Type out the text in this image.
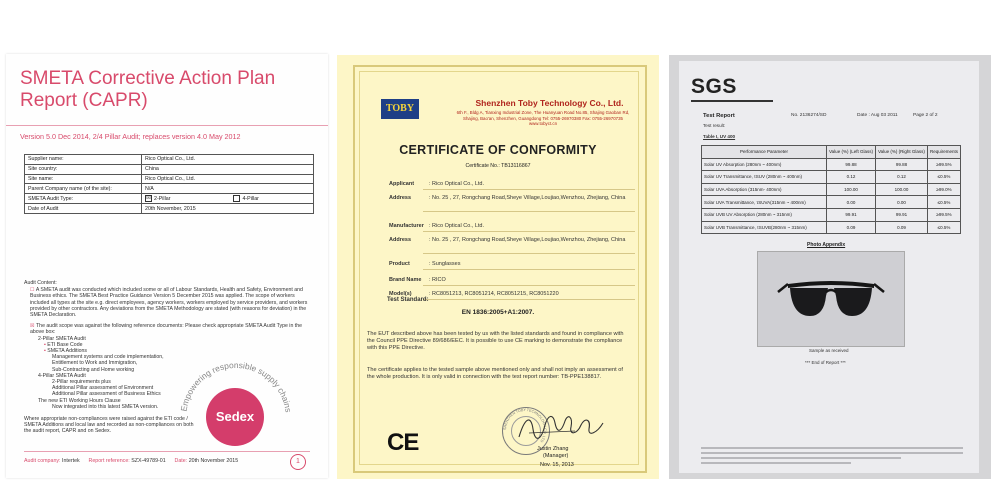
SMETA Corrective Action Plan Report (CAPR)
Version 5.0 Dec 2014, 2/4 Pillar Audit; replaces version 4.0 May 2012
Supplier name:	Rico Optical Co., Ltd.
Site country:	China
Site name:	Rico Optical Co., Ltd.
Parent Company name (of the site):	N/A
SMETA Audit Type:	☒ 2-Pillar 4-Pillar
Date of Audit	20th November, 2015

Audit Content:

☐ A SMETA audit was conducted which included some or all of Labour Standards, Health and Safety, Environment and Business ethics. The SMETA Best Practice Guidance Version 5 December 2015 was applied. The scope of workers included all types at the site e.g. direct employees, agency workers, workers employed by service providers, and workers provided by other contractors. Any deviations from the SMETA Methodology are stated (with reasons for deviation) in the SMETA Declaration.

☒ The audit scope was against the following reference documents: Please check appropriate SMETA Audit Type in the above box:

2-Pillar SMETA Audit
▪ ETI Base Code
▪ SMETA Additions
Management systems and code implementation,
Entitlement to Work and Immigration,
Sub-Contracting and Home working
4-Pillar SMETA Audit
2-Pillar requirements plus
Additional Pillar assessment of Environment
Additional Pillar assessment of Business Ethics
The new ETI Working Hours Clause
Now integrated into this latest SMETA version.

Where appropriate non-compliances were raised against the ETI code / SMETA Additions and local law and recorded as non-compliances on both the audit report, CAPR and on Sedex.

Empowering responsible supply chains
Sedex
Audit company: Intertek Report reference: SZX-49789-01 Date: 20th November 2015	1
TOBY	Shenzhen Toby Technology Co., Ltd.
6th F., Bldg A, Tianxing Industrial Zone, The Huanyuan Road No.85, Shajing Gaoban Rd, Shajing, Bao'an, Shenzhen, Guangdong Tel: 0755-26970380 Fax: 0755-26970735 www.tobyct.cn
CERTIFICATE OF CONFORMITY
Certificate No.: TB13116867
Applicant	: Rico Optical Co., Ltd.
Address	: No. 25 , 27, Rongchang Road,Sheye Village,Loujiao,Wenzhou, Zhejiang, China
Manufacturer : Rico Optical Co., Ltd.
Address	: No. 25 , 27, Rongchang Road,Sheye Village,Loujiao,Wenzhou, Zhejiang, China
Product	: Sunglasses
Brand Name	: RICO
Model(s)	: RC8051213, RC8051214, RC8051215, RC8051220
Test Standard:
EN 1836:2005+A1:2007.
The EUT described above has been tested by us with the listed standards and found in compliance with the Council PPE Directive 89/686/EEC. It is possible to use CE marking to demonstrate the compliance with this PPE Directive.
The certificate applies to the tested sample above mentioned only and shall not imply an assessment of the whole production. It is only valid in connection with the test report number: TB-PPE138817.
CE
SHENZHEN TOBY TECHNOLOGY CO. LTD
Justin Zhang
(Manager)
Nov. 15, 2013
SGS
Test Report	No. 2136274/SD	Date : Aug 03 2011	Page 2 of 2
Test result:
Table I, UV 400
Performance Parameter	Value (%) (Left Glass)	Value (%) (Right Glass)	Requirements
Solar UV Absorption (280nm ~ 400nm)	99.88	99.88	≥99.5%
Solar UV Transmittance, τSUV (280nm ~ 400nm)	0.12	0.12	≤0.5%
Solar UVA Absorption (315nm- 400nm)	100.00	100.00	≥99.0%
Solar UVA Transmittance, τSUVA(315nm ~ 400nm)	0.00	0.00	≤0.5%
Solar UVB UV Absorption (280nm ~ 315nm)	99.91	99.91	≥99.5%
Solar UVB Transmittance, τSUVB(280nm ~ 315nm)	0.09	0.09	≤0.5%
Photo Appendix
Sample as received
*** End of Report ***
